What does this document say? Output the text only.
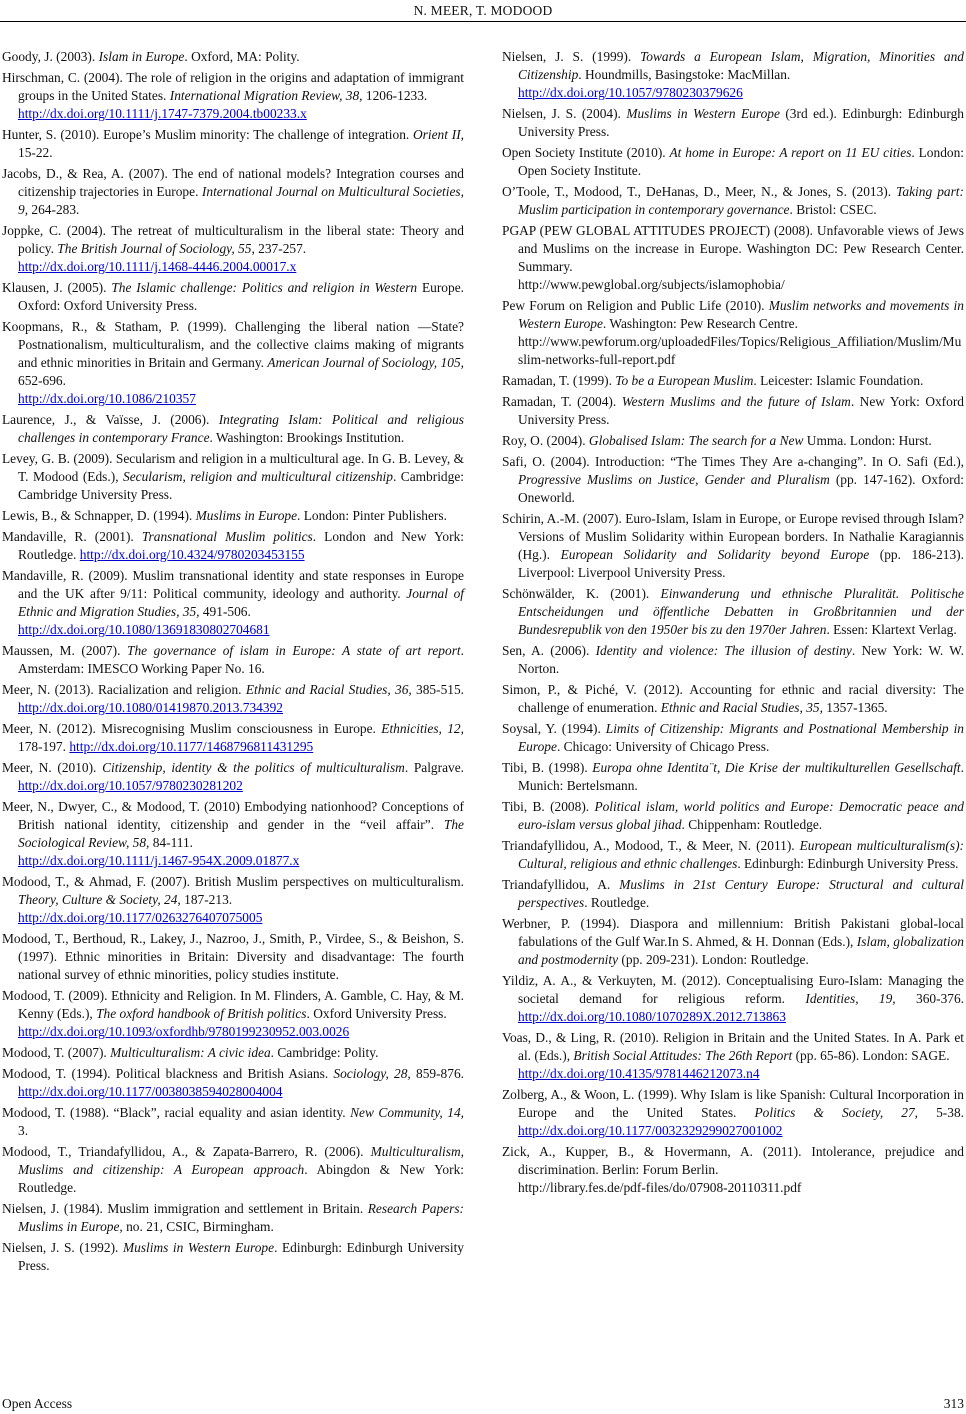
N. MEER, T. MODOOD

Goody, J. (2003). Islam in Europe. Oxford, MA: Polity.

Hirschman, C. (2004). The role of religion in the origins and adaptation of immigrant groups in the United States. International Migration Review, 38, 1206-1233.
http://dx.doi.org/10.1111/j.1747-7379.2004.tb00233.x

Hunter, S. (2010). Europe’s Muslim minority: The challenge of integration. Orient II, 15-22.

Jacobs, D., & Rea, A. (2007). The end of national models? Integration courses and citizenship trajectories in Europe. International Journal on Multicultural Societies, 9, 264-283.

Joppke, C. (2004). The retreat of multiculturalism in the liberal state: Theory and policy. The British Journal of Sociology, 55, 237-257.
http://dx.doi.org/10.1111/j.1468-4446.2004.00017.x

Klausen, J. (2005). The Islamic challenge: Politics and religion in Western Europe. Oxford: Oxford University Press.

Koopmans, R., & Statham, P. (1999). Challenging the liberal nation —State? Postnationalism, multiculturalism, and the collective claims making of migrants and ethnic minorities in Britain and Germany. American Journal of Sociology, 105, 652-696.
http://dx.doi.org/10.1086/210357

Laurence, J., & Vaïsse, J. (2006). Integrating Islam: Political and religious challenges in contemporary France. Washington: Brookings Institution.

Levey, G. B. (2009). Secularism and religion in a multicultural age. In G. B. Levey, & T. Modood (Eds.), Secularism, religion and multicultural citizenship. Cambridge: Cambridge University Press.

Lewis, B., & Schnapper, D. (1994). Muslims in Europe. London: Pinter Publishers.

Mandaville, R. (2001). Transnational Muslim politics. London and New York: Routledge. http://dx.doi.org/10.4324/9780203453155

Mandaville, R. (2009). Muslim transnational identity and state responses in Europe and the UK after 9/11: Political community, ideology and authority. Journal of Ethnic and Migration Studies, 35, 491-506.
http://dx.doi.org/10.1080/13691830802704681

Maussen, M. (2007). The governance of islam in Europe: A state of art report. Amsterdam: IMESCO Working Paper No. 16.

Meer, N. (2013). Racialization and religion. Ethnic and Racial Studies, 36, 385-515. http://dx.doi.org/10.1080/01419870.2013.734392

Meer, N. (2012). Misrecognising Muslim consciousness in Europe. Ethnicities, 12, 178-197. http://dx.doi.org/10.1177/1468796811431295

Meer, N. (2010). Citizenship, identity & the politics of multiculturalism. Palgrave. http://dx.doi.org/10.1057/9780230281202

Meer, N., Dwyer, C., & Modood, T. (2010) Embodying nationhood? Conceptions of British national identity, citizenship and gender in the “veil affair”. The Sociological Review, 58, 84-111.
http://dx.doi.org/10.1111/j.1467-954X.2009.01877.x

Modood, T., & Ahmad, F. (2007). British Muslim perspectives on multiculturalism. Theory, Culture & Society, 24, 187-213.
http://dx.doi.org/10.1177/0263276407075005

Modood, T., Berthoud, R., Lakey, J., Nazroo, J., Smith, P., Virdee, S., & Beishon, S. (1997). Ethnic minorities in Britain: Diversity and disadvantage: The fourth national survey of ethnic minorities, policy studies institute.

Modood, T. (2009). Ethnicity and Religion. In M. Flinders, A. Gamble, C. Hay, & M. Kenny (Eds.), The oxford handbook of British politics. Oxford University Press.
http://dx.doi.org/10.1093/oxfordhb/9780199230952.003.0026

Modood, T. (2007). Multiculturalism: A civic idea. Cambridge: Polity.

Modood, T. (1994). Political blackness and British Asians. Sociology, 28, 859-876. http://dx.doi.org/10.1177/0038038594028004004

Modood, T. (1988). “Black”, racial equality and asian identity. New Community, 14, 3.

Modood, T., Triandafyllidou, A., & Zapata-Barrero, R. (2006). Multiculturalism, Muslims and citizenship: A European approach. Abingdon & New York: Routledge.

Nielsen, J. (1984). Muslim immigration and settlement in Britain. Research Papers: Muslims in Europe, no. 21, CSIC, Birmingham.

Nielsen, J. S. (1992). Muslims in Western Europe. Edinburgh: Edinburgh University Press.

Nielsen, J. S. (1999). Towards a European Islam, Migration, Minorities and Citizenship. Houndmills, Basingstoke: MacMillan.
http://dx.doi.org/10.1057/9780230379626

Nielsen, J. S. (2004). Muslims in Western Europe (3rd ed.). Edinburgh: Edinburgh University Press.

Open Society Institute (2010). At home in Europe: A report on 11 EU cities. London: Open Society Institute.

O’Toole, T., Modood, T., DeHanas, D., Meer, N., & Jones, S. (2013). Taking part: Muslim participation in contemporary governance. Bristol: CSEC.

PGAP (PEW GLOBAL ATTITUDES PROJECT) (2008). Unfavorable views of Jews and Muslims on the increase in Europe. Washington DC: Pew Research Center. Summary.
http://www.pewglobal.org/subjects/islamophobia/

Pew Forum on Religion and Public Life (2010). Muslim networks and movements in Western Europe. Washington: Pew Research Centre.
http://www.pewforum.org/uploadedFiles/Topics/Religious_Affiliation/Muslim/Muslim-networks-full-report.pdf

Ramadan, T. (1999). To be a European Muslim. Leicester: Islamic Foundation.

Ramadan, T. (2004). Western Muslims and the future of Islam. New York: Oxford University Press.

Roy, O. (2004). Globalised Islam: The search for a New Umma. London: Hurst.

Safi, O. (2004). Introduction: “The Times They Are a-changing”. In O. Safi (Ed.), Progressive Muslims on Justice, Gender and Pluralism (pp. 147-162). Oxford: Oneworld.

Schirin, A.-M. (2007). Euro-Islam, Islam in Europe, or Europe revised through Islam? Versions of Muslim Solidarity within European borders. In Nathalie Karagiannis (Hg.). European Solidarity and Solidarity beyond Europe (pp. 186-213). Liverpool: Liverpool University Press.

Schönwälder, K. (2001). Einwanderung und ethnische Pluralität. Politische Entscheidungen und öffentliche Debatten in Großbritannien und der Bundesrepublik von den 1950er bis zu den 1970er Jahren. Essen: Klartext Verlag.

Sen, A. (2006). Identity and violence: The illusion of destiny. New York: W. W. Norton.

Simon, P., & Piché, V. (2012). Accounting for ethnic and racial diversity: The challenge of enumeration. Ethnic and Racial Studies, 35, 1357-1365.

Soysal, Y. (1994). Limits of Citizenship: Migrants and Postnational Membership in Europe. Chicago: University of Chicago Press.

Tibi, B. (1998). Europa ohne Identita¨t, Die Krise der multikulturellen Gesellschaft. Munich: Bertelsmann.

Tibi, B. (2008). Political islam, world politics and Europe: Democratic peace and euro-islam versus global jihad. Chippenham: Routledge.

Triandafyllidou, A., Modood, T., & Meer, N. (2011). European multiculturalism(s): Cultural, religious and ethnic challenges. Edinburgh: Edinburgh University Press.

Triandafyllidou, A. Muslims in 21st Century Europe: Structural and cultural perspectives. Routledge.

Werbner, P. (1994). Diaspora and millennium: British Pakistani global-local fabulations of the Gulf War.In S. Ahmed, & H. Donnan (Eds.), Islam, globalization and postmodernity (pp. 209-231). London: Routledge.

Yildiz, A. A., & Verkuyten, M. (2012). Conceptualising Euro-Islam: Managing the societal demand for religious reform. Identities, 19, 360-376. http://dx.doi.org/10.1080/1070289X.2012.713863

Voas, D., & Ling, R. (2010). Religion in Britain and the United States. In A. Park et al. (Eds.), British Social Attitudes: The 26th Report (pp. 65-86). London: SAGE.
http://dx.doi.org/10.4135/9781446212073.n4

Zolberg, A., & Woon, L. (1999). Why Islam is like Spanish: Cultural Incorporation in Europe and the United States. Politics & Society, 27, 5-38. http://dx.doi.org/10.1177/0032329299027001002

Zick, A., Kupper, B., & Hovermann, A. (2011). Intolerance, prejudice and discrimination. Berlin: Forum Berlin.
http://library.fes.de/pdf-files/do/07908-20110311.pdf

Open Access	313
